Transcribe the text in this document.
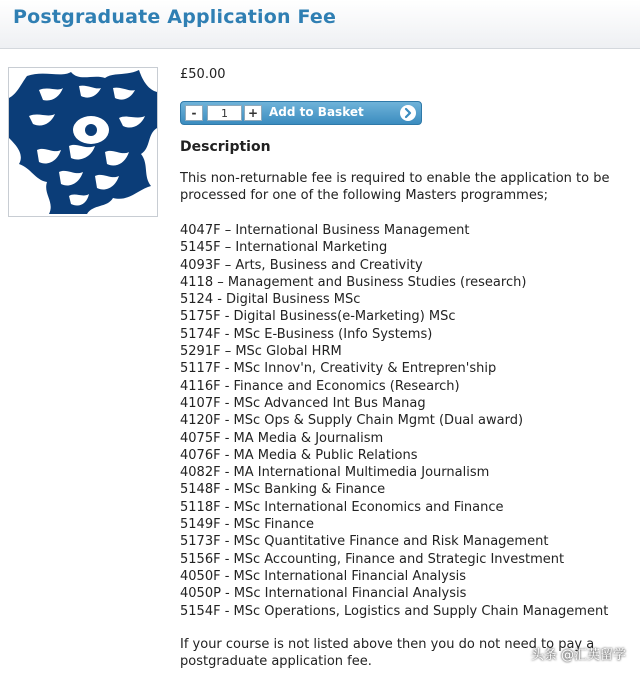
Postgraduate Application Fee
£50.00
-
1	+ Add to Basket
Description
This non-returnable fee is required to enable the application to be processed for one of the following Masters programmes;
4047F – International Business Management
5145F – International Marketing
4093F – Arts, Business and Creativity
4118 – Management and Business Studies (research)
5124 - Digital Business MSc
5175F - Digital Business(e-Marketing) MSc
5174F - MSc E-Business (Info Systems)
5291F – MSc Global HRM
5117F - MSc Innov'n, Creativity & Entrepren'ship
4116F - Finance and Economics (Research)
4107F - MSc Advanced Int Bus Manag
4120F - MSc Ops & Supply Chain Mgmt (Dual award)
4075F - MA Media & Journalism
4076F - MA Media & Public Relations
4082F - MA International Multimedia Journalism
5148F - MSc Banking & Finance
5118F - MSc International Economics and Finance
5149F - MSc Finance
5173F - MSc Quantitative Finance and Risk Management
5156F - MSc Accounting, Finance and Strategic Investment
4050F - MSc International Financial Analysis
4050P - MSc International Financial Analysis
5154F - MSc Operations, Logistics and Supply Chain Management
If your course is not listed above then you do not need to pay a postgraduate application fee.	头条 @汇英留学
